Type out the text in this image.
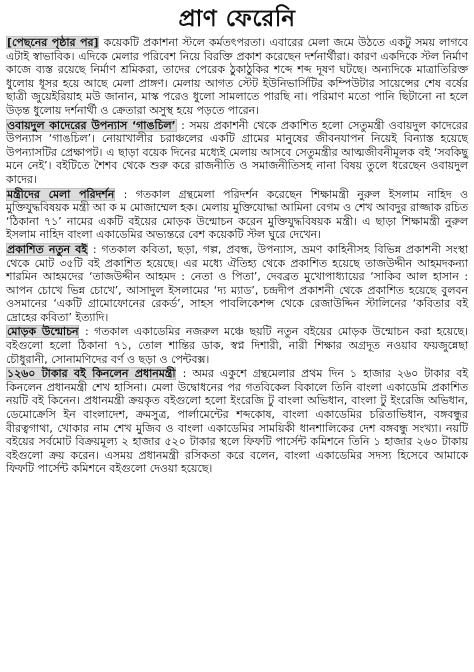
প্রাণ ফেরেনি

[পেছনের পৃষ্ঠার পর] কয়েকটি প্রকাশনা স্টলে কর্মতৎপরতা। এবারের মেলা জমে উঠতে একটু সময় লাগবে এটাই স্বাভাবিক। এদিকে মেলার পরিবেশ নিয়ে বিরক্তি প্রকাশ করেছেন দর্শনার্থীরা। কারণ একদিকে স্টল নির্মাণ কাজে ব্যস্ত রয়েছে নির্মাণ শ্রমিকরা, তাদের পেরেক ঠুকাঠুকির শব্দে শব্দ দূষণ ঘটছে। অন্যদিকে মাত্রাতিরিক্ত ধুলোয় ধূসর হয়ে আছে মেলা প্রাঙ্গণ। মেলায় আগত স্টেট ইউনিভার্সিটির কম্পিউটার সায়েন্সের শেষ বর্ষের ছাত্রী জুয়েইরিয়াহ মউ জানান, মাস্ক পরেও ধুলো সামলাতে পারছি না। পরিমাণ মতো পানি ছিটানো না হলে উড়ন্ত ধুলোয় দর্শনার্থী ও ক্রেতারা অসুস্থ হয়ে পড়তে পারেন।

ওবায়দুল কাদেরের উপন্যাস ‘গাঙচিল’ : সময় প্রকাশনী থেকে প্রকাশিত হলো সেতুমন্ত্রী ওবায়দুল কাদেরের উপন্যাস ‘গাঙচিল’। নোয়াখালীর চরাঞ্চলের একটি গ্রামের মানুষের জীবনযাপন নিয়েই বিন্যাস্ত হয়েছে উপন্যাসটির প্রেক্ষাপট। এ ছাড়া বয়েক দিনের মধ্যেই মেলায় আসবে সেতুমন্ত্রীর আত্মজীবনীমূলক বই ‘সবকিছু মনে নেই’। বইটিতে শৈশব থেকে শুরু করে রাজনীতি ও সমাজনীতিসহ নানা বিষয় তুলে ধরেছেন ওবায়দুল কাদের।

মন্ত্রীদের মেলা পরিদর্শন : গতকাল গ্রন্থমেলা পরিদর্শন করেছেন শিক্ষামন্ত্রী নুরুল ইসলাম নাহিদ ও মুক্তিযুদ্ধবিষয়ক মন্ত্রী আ ক ম মোজাম্মেল হক। মেলায় মুক্তিযোদ্ধা আমিনা বেগম ও শেখ আবদুর রাজ্জাক রচিত ‘ঠিকানা ৭১’ নামের একটি বইয়ের মোড়ক উন্মোচন করেন মুক্তিযুদ্ধবিষয়ক মন্ত্রী। এ ছাড়া শিক্ষামন্ত্রী নুরুল ইসলাম নাহিদ বাংলা একাডেমির অভ্যন্তরে বেশ কয়েকটি স্টল ঘুরে দেখেন।

প্রকাশিত নতুন বই : গতকাল কবিতা, ছড়া, গল্প, প্রবন্ধ, উপন্যাস, ভ্রমণ কাহিনীসহ বিভিন্ন প্রকাশনী সংস্থা থেকে মোট ৩৫টি বই প্রকাশিত হয়েছে। এর মধ্যে ঐতিহ্য থেকে প্রকাশিত হয়েছে তাজউদ্দীন আহমদকন্যা শারমিন আহমদের ‘তাজউদ্দীন আহমদ : নেতা ও পিতা’, দেবব্রত মুখোপাধ্যায়ের ‘সাকিব আল হাসান : আপন চোখে ভিন্ন চোখে’, আসাদুল ইসলামের ‘দ্য ম্যাড’, চন্দ্রদীপ প্রকাশনী থেকে প্রকাশিত হয়েছে বুলবন ওসমানের ‘একটি গ্রামোফোনের রেকর্ড’, সাহস পাবলিকেশন্স থেকে রেজাউদ্দিন স্টালিনের ‘কবিতার বই দ্রোহের কবিতা’ ইত্যাদি।

মোড়ক উন্মোচন : গতকাল একাডেমির নজরুল মঞ্চে ছয়টি নতুন বইয়ের মোড়ক উন্মোচন করা হয়েছে। বইগুলো হলো ঠিকানা ৭১, তোল শান্তির ডাক, স্বপ্ন দিশারী, নারী শিক্ষার অগ্রদূত নওয়াব ফয়জুন্নেছা চৌধুরানী, সোনামণিদের বর্ণ ও ছড়া ও পেন্টবক্স।

১২৬০ টাকার বই কিনলেন প্রধানমন্ত্রী : অমর একুশে গ্রন্থমেলার প্রথম দিন ১ হাজার ২৬০ টাকার বই কিনলেন প্রধানমন্ত্রী শেখ হাসিনা। মেলা উদ্বোধনের পর গতবিকেল বিকালে তিনি বাংলা একাডেমি প্রকাশিত নয়টি বই কিনেন। প্রধানমন্ত্রী ক্রয়কৃত বইগুলো হলো ইংরেজি টু বাংলা অভিধান, বাংলা টু ইংরেজি অভিধান, ডেমোক্রেসি ইন বাংলাদেশ, ক্রমসুত্র, পার্লামেন্টের শব্দকোষ, বাংলা একাডেমির চরিতাভিধান, বঙ্গবন্ধুর বীরত্বগাথা, খোকার নাম শেখ মুজিব ও বাংলা একাডেমির সাময়িকী ধানশালিকের দেশ বঙ্গবন্ধু সংখ্যা। নয়টি বইয়ের সর্বমোট বিক্রয়মূল্য ২ হাজার ৫২০ টাকার স্থলে ফিফটি পার্সেন্ট কমিশনে তিনি ১ হাজার ২৬০ টাকায় বইগুলো ক্রয় করেন। এসময় প্রধানমন্ত্রী রসিকতা করে বলেন, বাংলা একাডেমির সদস্য হিসেবে আমাকে ফিফটি পার্সেন্ট কমিশনে বইগুলো দেওয়া হয়েছে।
